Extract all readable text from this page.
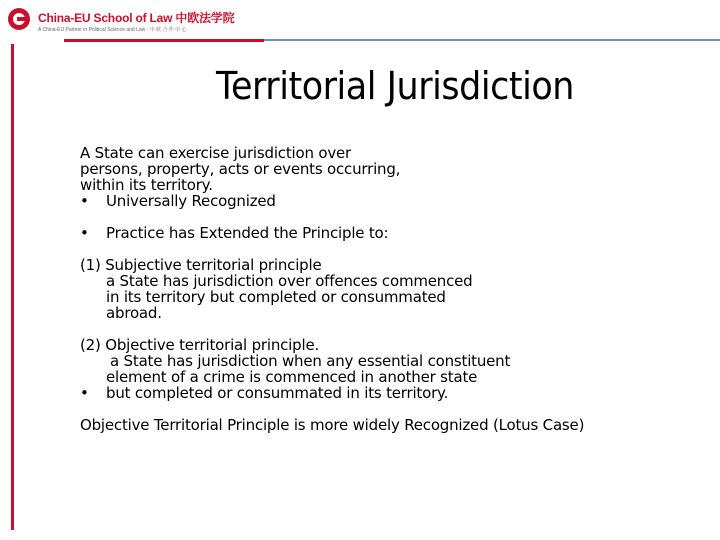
China-EU School of Law 中欧法学院
A China-EU Partner in Political Science and Law · 中 欧 合 作 中 心
Territorial Jurisdiction
A State can exercise jurisdiction over
persons, property, acts or events occurring,
within its territory.
• Universally Recognized
• Practice has Extended the Principle to:
(1) Subjective territorial principle
a State has jurisdiction over offences commenced
in its territory but completed or consummated
abroad.
(2) Objective territorial principle.
a State has jurisdiction when any essential constituent
element of a crime is commenced in another state
• but completed or consummated in its territory.
Objective Territorial Principle is more widely Recognized (Lotus Case)
